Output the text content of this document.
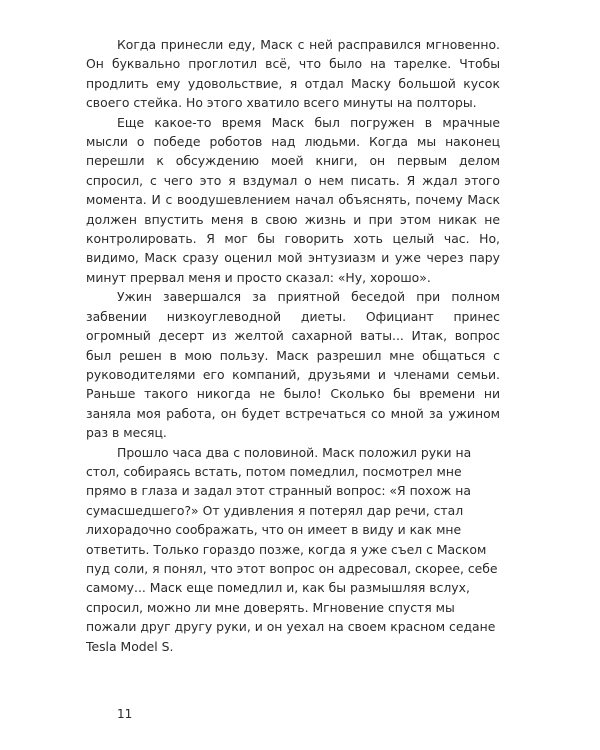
Когда принесли еду, Маск с ней расправился мгновенно. Он буквально проглотил всё, что было на тарелке. Чтобы продлить ему удовольствие, я отдал Маску большой кусок своего стейка. Но этого хватило всего минуты на полторы.

Еще какое-то время Маск был погружен в мрачные мысли о победе роботов над людьми. Когда мы наконец перешли к обсуждению моей книги, он первым делом спросил, с чего это я вздумал о нем писать. Я ждал этого момента. И с воодушевлением начал объяснять, почему Маск должен впустить меня в свою жизнь и при этом никак не контролировать. Я мог бы говорить хоть целый час. Но, видимо, Маск сразу оценил мой энтузиазм и уже через пару минут прервал меня и просто сказал: «Ну, хорошо».

Ужин завершался за приятной беседой при полном забвении низкоуглеводной диеты. Официант принес огромный десерт из желтой сахарной ваты... Итак, вопрос был решен в мою пользу. Маск разрешил мне общаться с руководителями его компаний, друзьями и членами семьи. Раньше такого никогда не было! Сколько бы времени ни заняла моя работа, он будет встречаться со мной за ужином раз в месяц.

Прошло часа два с половиной. Маск положил руки на стол, собираясь встать, потом помедлил, посмотрел мне прямо в глаза и задал этот странный вопрос: «Я похож на сумасшедшего?» От удивления я потерял дар речи, стал лихорадочно соображать, что он имеет в виду и как мне ответить. Только гораздо позже, когда я уже съел с Маском пуд соли, я понял, что этот вопрос он адресовал, скорее, себе самому... Маск еще помедлил и, как бы размышляя вслух, спросил, можно ли мне доверять. Мгновение спустя мы пожали друг другу руки, и он уехал на своем красном седане Tesla Model S.

11
